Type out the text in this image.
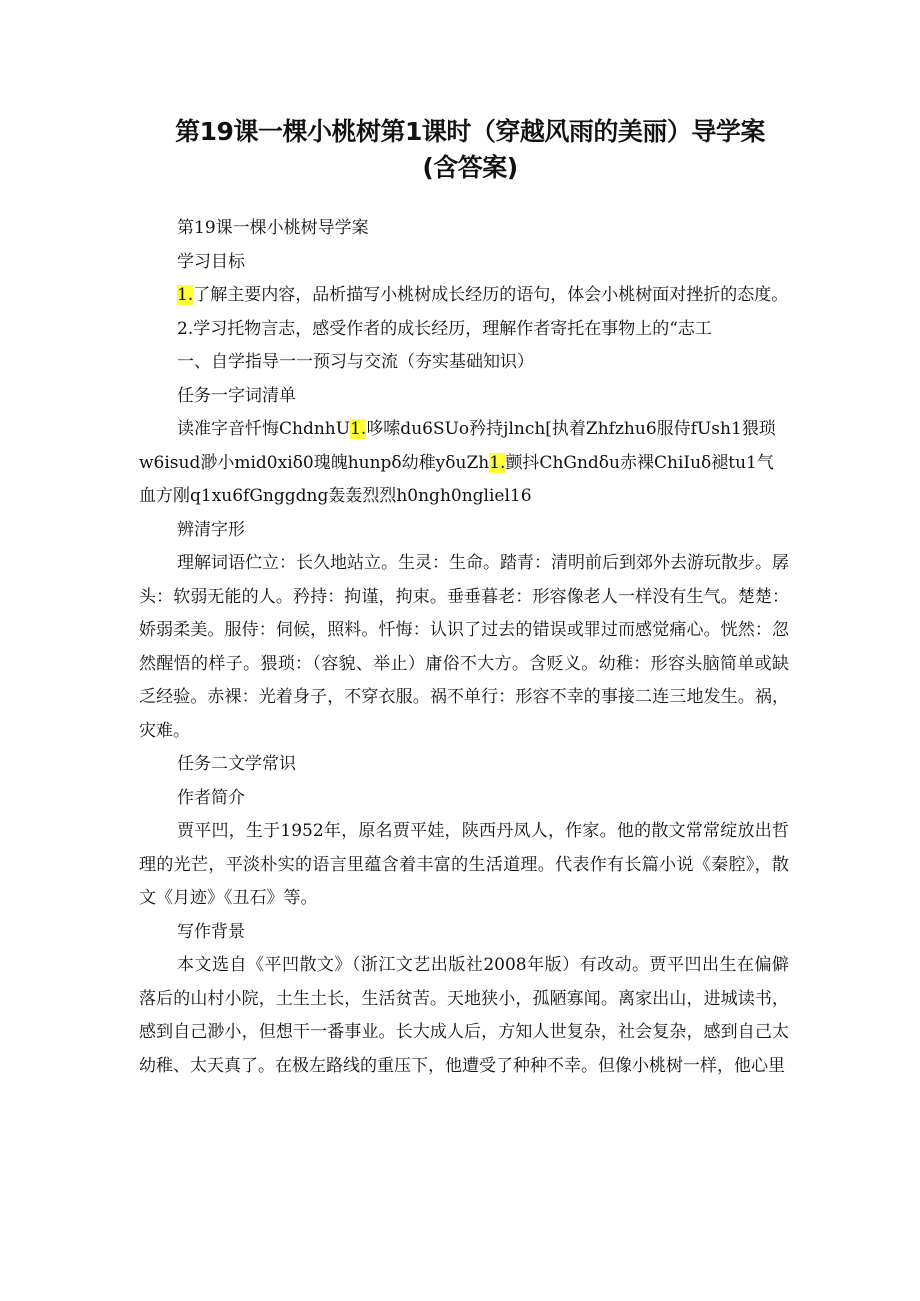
第19课一棵小桃树第1课时（穿越风雨的美丽）导学案
(含答案)

第19课一棵小桃树导学案

学习目标

1.了解主要内容，品析描写小桃树成长经历的语句，体会小桃树面对挫折的态度。

2.学习托物言志，感受作者的成长经历，理解作者寄托在事物上的“志工

一、自学指导一一预习与交流（夯实基础知识）

任务一字词清单

读准字音忏悔ChdnhU1.哆嗦du6SUo矜持jlnch[执着Zhfzhu6服侍fUsh1猥琐w6isud渺小mid0xiδ0瑰魄hunpδ幼稚yδuZh1.颤抖ChGndδu赤裸ChiIuδ褪tu1气血方刚q1xu6fGnggdng轰轰烈烈h0ngh0ngliel16

辨清字形

理解词语伫立：长久地站立。生灵：生命。踏青：清明前后到郊外去游玩散步。孱头：软弱无能的人。矜持：拘谨，拘束。垂垂暮老：形容像老人一样没有生气。楚楚：娇弱柔美。服侍：伺候，照料。忏悔：认识了过去的错误或罪过而感觉痛心。恍然：忽然醒悟的样子。猥琐：（容貌、举止）庸俗不大方。含贬义。幼稚：形容头脑简单或缺乏经验。赤裸：光着身子，不穿衣服。祸不单行：形容不幸的事接二连三地发生。祸，灾难。

任务二文学常识

作者简介

贾平凹，生于1952年，原名贾平娃，陕西丹凤人，作家。他的散文常常绽放出哲理的光芒，平淡朴实的语言里蕴含着丰富的生活道理。代表作有长篇小说《秦腔》，散文《月迹》《丑石》等。

写作背景

本文选自《平凹散文》（浙江文艺出版社2008年版）有改动。贾平凹出生在偏僻落后的山村小院，土生土长，生活贫苦。天地狭小，孤陋寡闻。离家出山，进城读书，感到自己渺小，但想干一番事业。长大成人后，方知人世复杂，社会复杂，感到自己太幼稚、太天真了。在极左路线的重压下，他遭受了种种不幸。但像小桃树一样，他心里
